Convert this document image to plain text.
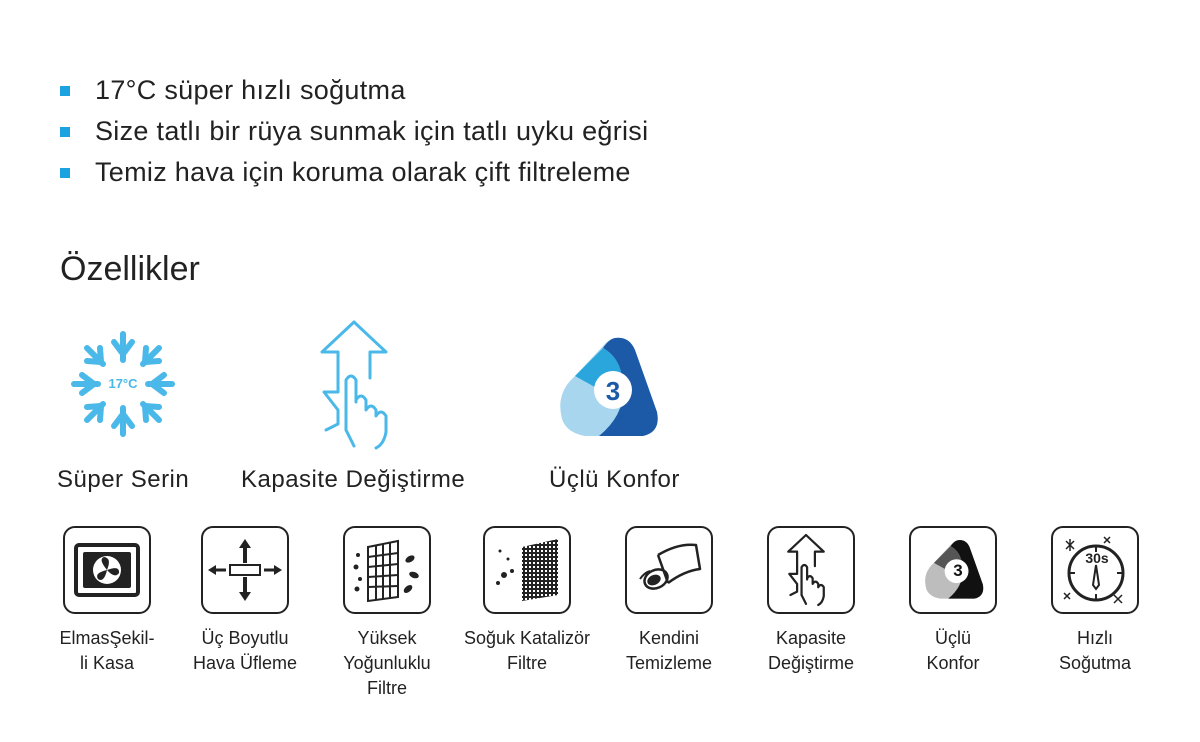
17°C süper hızlı soğutma
Size tatlı bir rüya sunmak için tatlı uyku eğrisi
Temiz hava için koruma olarak çift filtreleme
Özellikler
17°C
Süper Serin Kapasite Değiştirme
3
Üçlü Konfor
ElmasŞekil-
li Kasa
Üç Boyutlu
Hava Üfleme
Yüksek
Yoğunluklu
Filtre
Soğuk Katalizör
Filtre
Kendini
Temizleme
Kapasite
Değiştirme
3
Üçlü
Konfor
30s
Hızlı
Soğutma
